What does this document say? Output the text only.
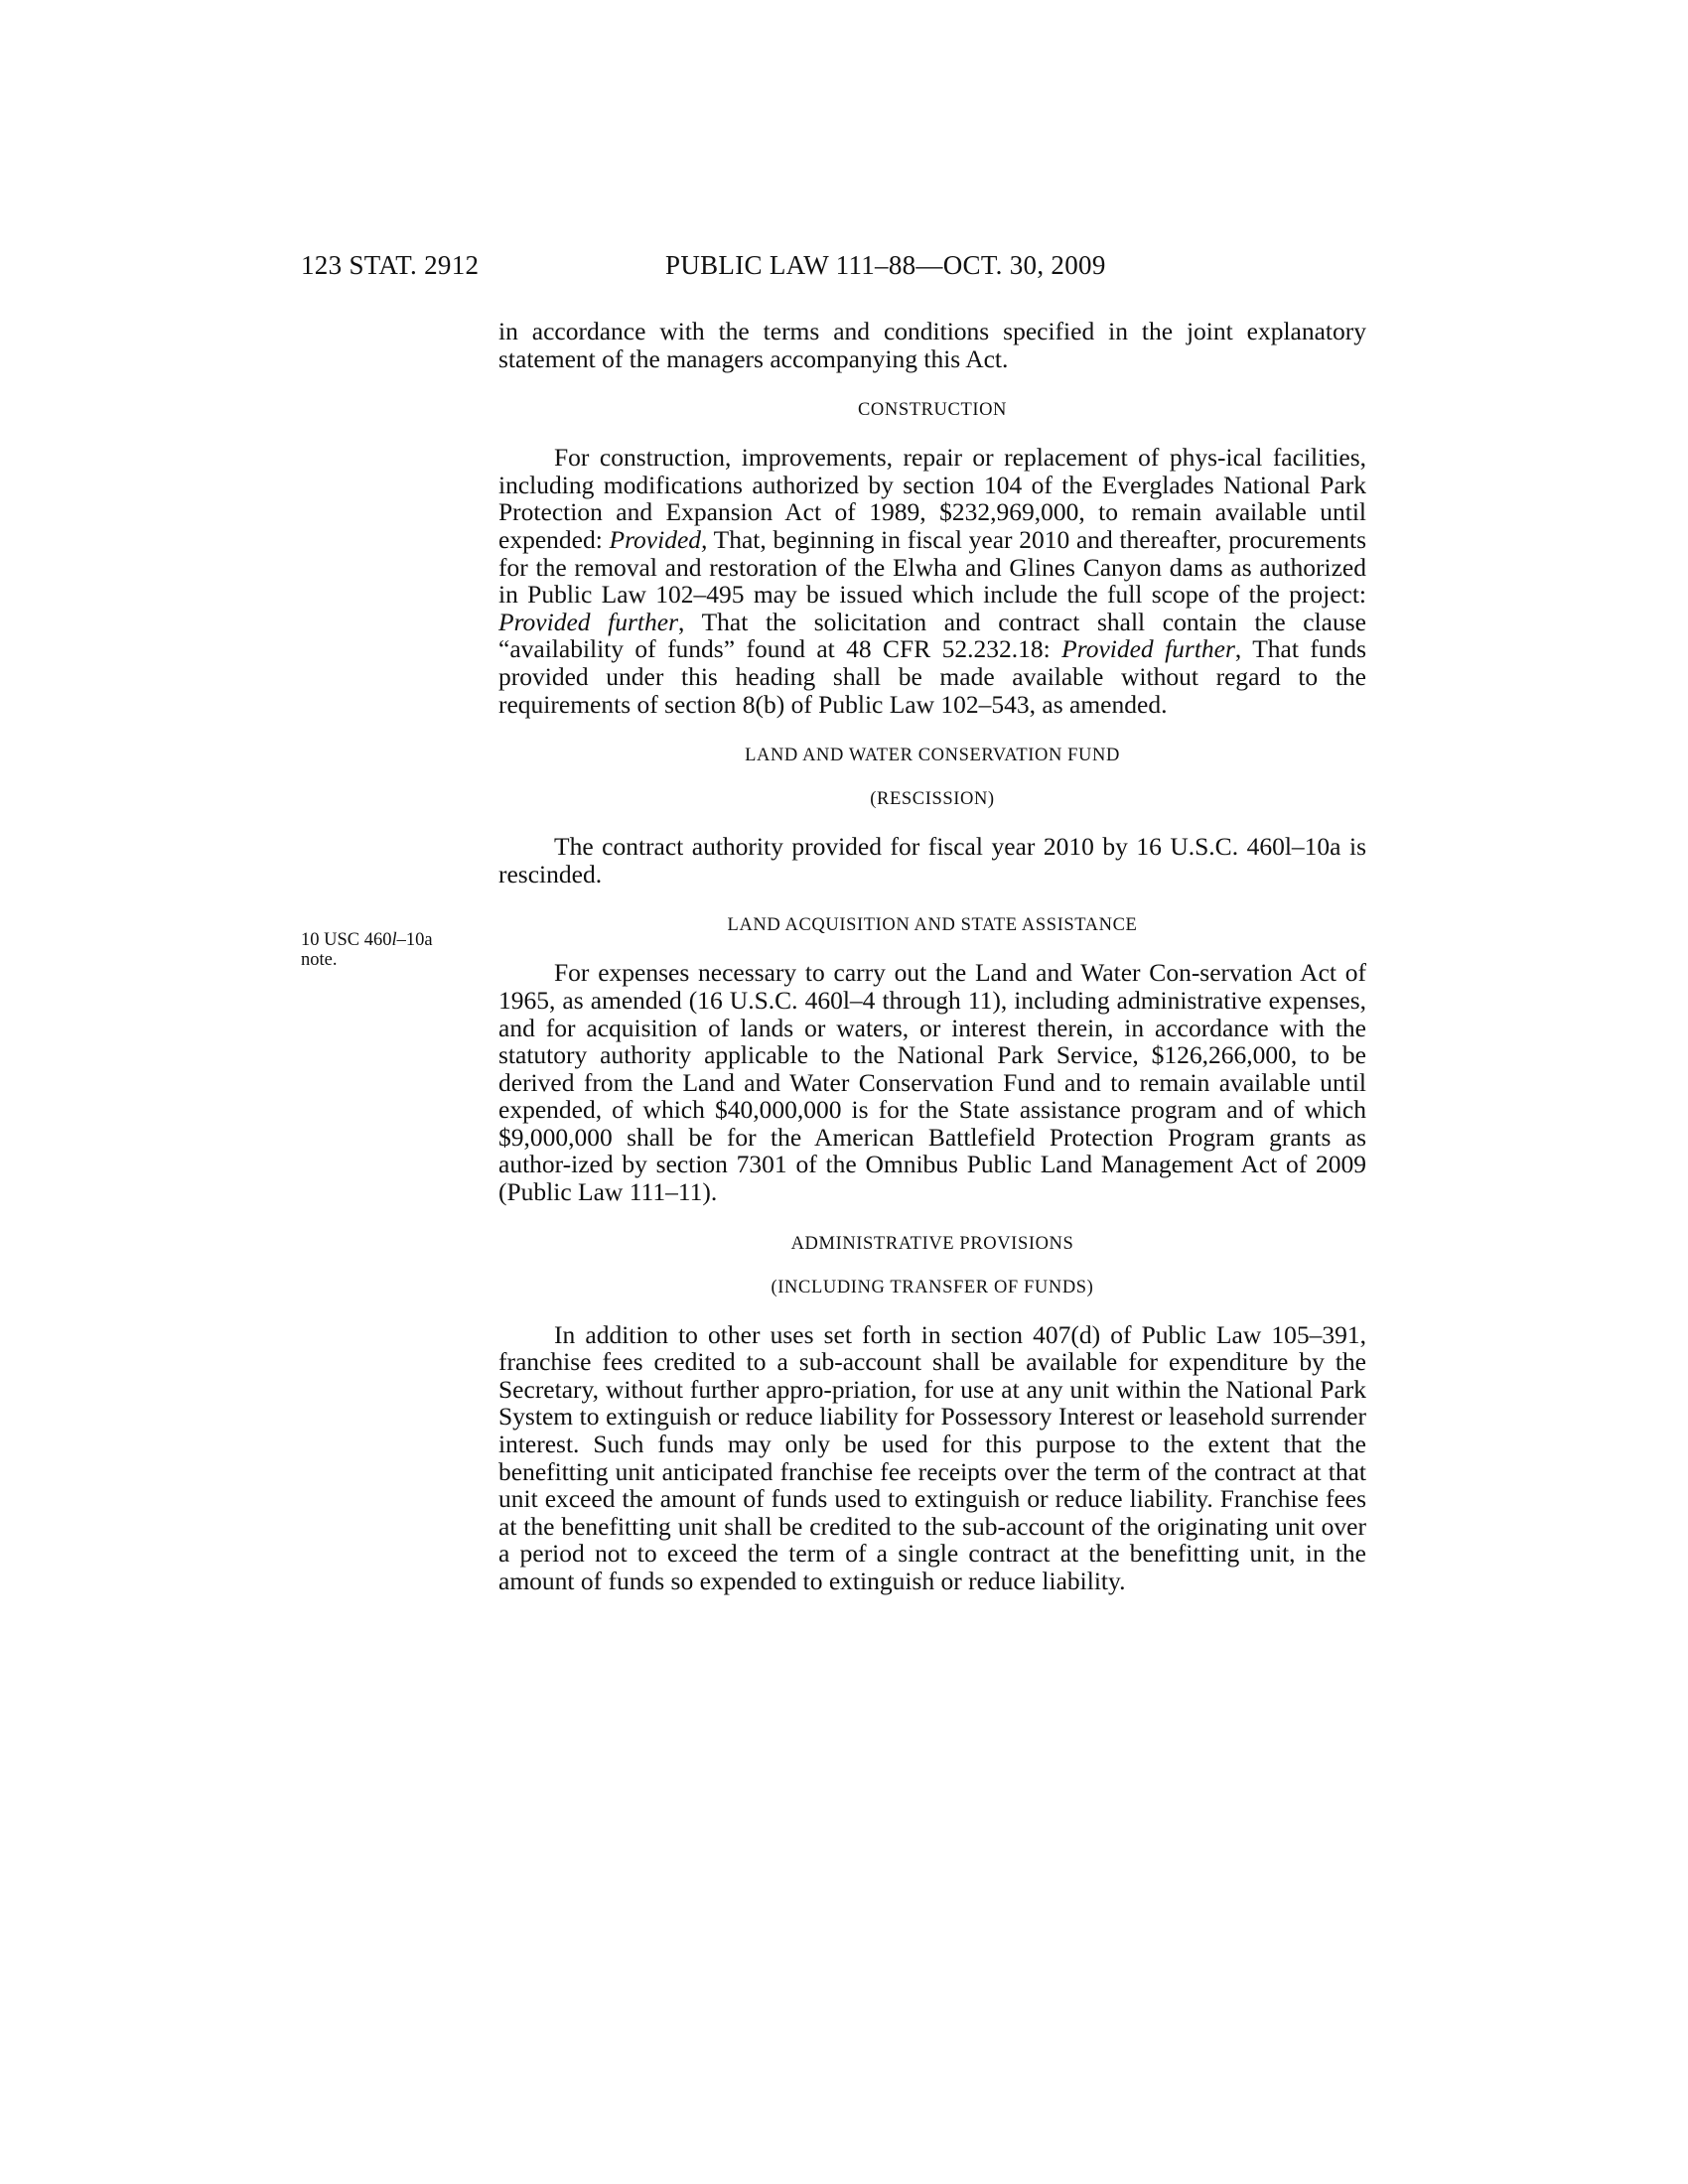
123 STAT. 2912	PUBLIC LAW 111–88—OCT. 30, 2009
10 USC 460l–10a
note.

in accordance with the terms and conditions specified in the joint explanatory statement of the managers accompanying this Act.

CONSTRUCTION

For construction, improvements, repair or replacement of phys-ical facilities, including modifications authorized by section 104 of the Everglades National Park Protection and Expansion Act of 1989, $232,969,000, to remain available until expended: Provided, That, beginning in fiscal year 2010 and thereafter, procurements for the removal and restoration of the Elwha and Glines Canyon dams as authorized in Public Law 102–495 may be issued which include the full scope of the project: Provided further, That the solicitation and contract shall contain the clause “availability of funds” found at 48 CFR 52.232.18: Provided further, That funds provided under this heading shall be made available without regard to the requirements of section 8(b) of Public Law 102–543, as amended.

LAND AND WATER CONSERVATION FUND
(RESCISSION)

The contract authority provided for fiscal year 2010 by 16 U.S.C. 460l–10a is rescinded.

LAND ACQUISITION AND STATE ASSISTANCE

For expenses necessary to carry out the Land and Water Con-servation Act of 1965, as amended (16 U.S.C. 460l–4 through 11), including administrative expenses, and for acquisition of lands or waters, or interest therein, in accordance with the statutory authority applicable to the National Park Service, $126,266,000, to be derived from the Land and Water Conservation Fund and to remain available until expended, of which $40,000,000 is for the State assistance program and of which $9,000,000 shall be for the American Battlefield Protection Program grants as author-ized by section 7301 of the Omnibus Public Land Management Act of 2009 (Public Law 111–11).

ADMINISTRATIVE PROVISIONS
(INCLUDING TRANSFER OF FUNDS)

In addition to other uses set forth in section 407(d) of Public Law 105–391, franchise fees credited to a sub-account shall be available for expenditure by the Secretary, without further appro-priation, for use at any unit within the National Park System to extinguish or reduce liability for Possessory Interest or leasehold surrender interest. Such funds may only be used for this purpose to the extent that the benefitting unit anticipated franchise fee receipts over the term of the contract at that unit exceed the amount of funds used to extinguish or reduce liability. Franchise fees at the benefitting unit shall be credited to the sub-account of the originating unit over a period not to exceed the term of a single contract at the benefitting unit, in the amount of funds so expended to extinguish or reduce liability.
